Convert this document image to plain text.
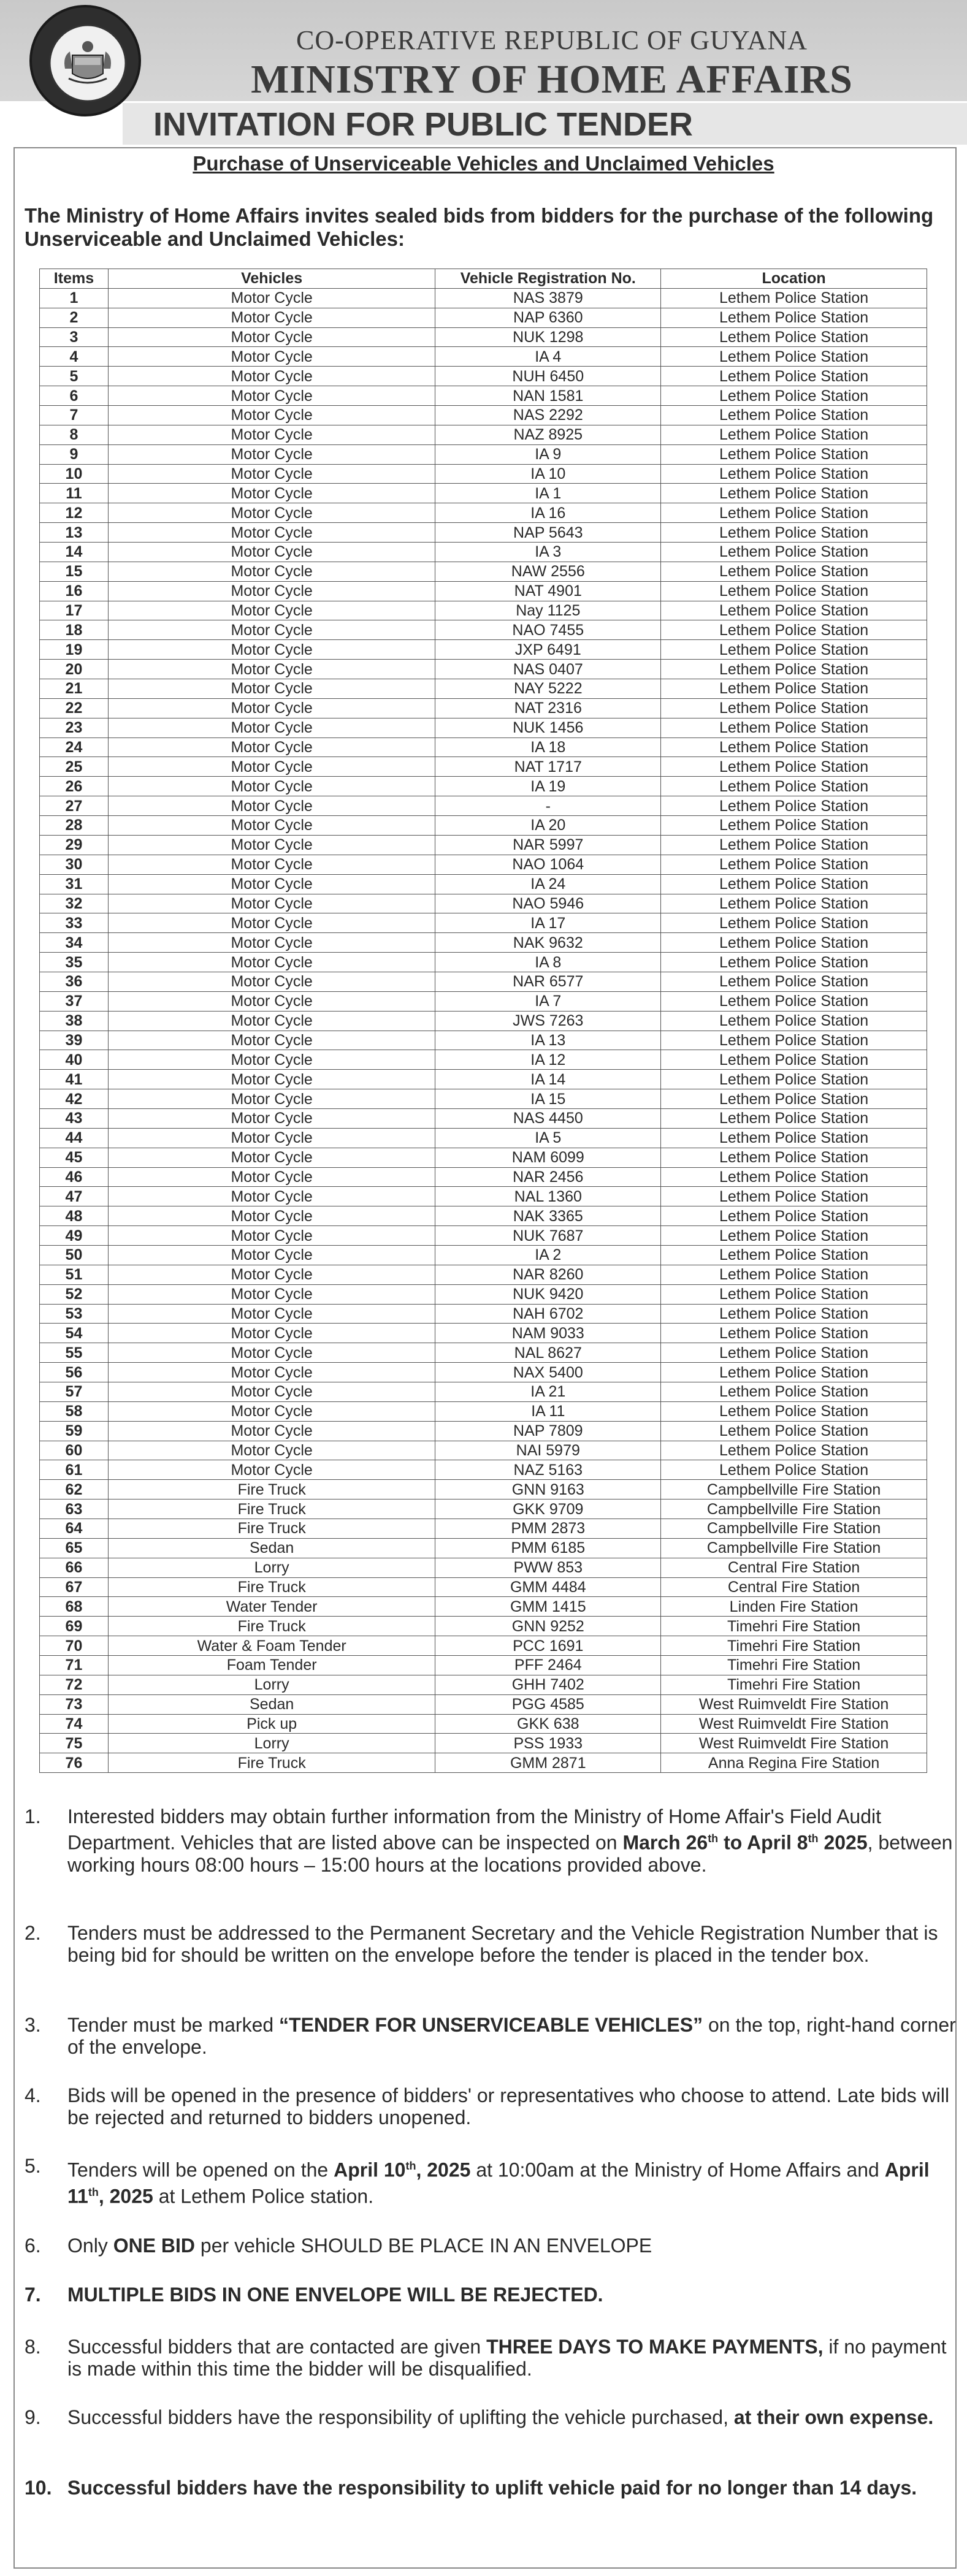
CO-OPERATIVE REPUBLIC OF GUYANA
MINISTRY OF HOME AFFAIRS
INVITATION FOR PUBLIC TENDER
Purchase of Unserviceable Vehicles and Unclaimed Vehicles
The Ministry of Home Affairs invites sealed bids from bidders for the purchase of the following Unserviceable and Unclaimed Vehicles:
Items	Vehicles	Vehicle Registration No.	Location
1	Motor Cycle	NAS 3879	Lethem Police Station
2	Motor Cycle	NAP 6360	Lethem Police Station
3	Motor Cycle	NUK 1298	Lethem Police Station
4	Motor Cycle	IA 4	Lethem Police Station
5	Motor Cycle	NUH 6450	Lethem Police Station
6	Motor Cycle	NAN 1581	Lethem Police Station
7	Motor Cycle	NAS 2292	Lethem Police Station
8	Motor Cycle	NAZ 8925	Lethem Police Station
9	Motor Cycle	IA 9	Lethem Police Station
10	Motor Cycle	IA 10	Lethem Police Station
11	Motor Cycle	IA 1	Lethem Police Station
12	Motor Cycle	IA 16	Lethem Police Station
13	Motor Cycle	NAP 5643	Lethem Police Station
14	Motor Cycle	IA 3	Lethem Police Station
15	Motor Cycle	NAW 2556	Lethem Police Station
16	Motor Cycle	NAT 4901	Lethem Police Station
17	Motor Cycle	Nay 1125	Lethem Police Station
18	Motor Cycle	NAO 7455	Lethem Police Station
19	Motor Cycle	JXP 6491	Lethem Police Station
20	Motor Cycle	NAS 0407	Lethem Police Station
21	Motor Cycle	NAY 5222	Lethem Police Station
22	Motor Cycle	NAT 2316	Lethem Police Station
23	Motor Cycle	NUK 1456	Lethem Police Station
24	Motor Cycle	IA 18	Lethem Police Station
25	Motor Cycle	NAT 1717	Lethem Police Station
26	Motor Cycle	IA 19	Lethem Police Station
27	Motor Cycle	-	Lethem Police Station
28	Motor Cycle	IA 20	Lethem Police Station
29	Motor Cycle	NAR 5997	Lethem Police Station
30	Motor Cycle	NAO 1064	Lethem Police Station
31	Motor Cycle	IA 24	Lethem Police Station
32	Motor Cycle	NAO 5946	Lethem Police Station
33	Motor Cycle	IA 17	Lethem Police Station
34	Motor Cycle	NAK 9632	Lethem Police Station
35	Motor Cycle	IA 8	Lethem Police Station
36	Motor Cycle	NAR 6577	Lethem Police Station
37	Motor Cycle	IA 7	Lethem Police Station
38	Motor Cycle	JWS 7263	Lethem Police Station
39	Motor Cycle	IA 13	Lethem Police Station
40	Motor Cycle	IA 12	Lethem Police Station
41	Motor Cycle	IA 14	Lethem Police Station
42	Motor Cycle	IA 15	Lethem Police Station
43	Motor Cycle	NAS 4450	Lethem Police Station
44	Motor Cycle	IA 5	Lethem Police Station
45	Motor Cycle	NAM 6099	Lethem Police Station
46	Motor Cycle	NAR 2456	Lethem Police Station
47	Motor Cycle	NAL 1360	Lethem Police Station
48	Motor Cycle	NAK 3365	Lethem Police Station
49	Motor Cycle	NUK 7687	Lethem Police Station
50	Motor Cycle	IA 2	Lethem Police Station
51	Motor Cycle	NAR 8260	Lethem Police Station
52	Motor Cycle	NUK 9420	Lethem Police Station
53	Motor Cycle	NAH 6702	Lethem Police Station
54	Motor Cycle	NAM 9033	Lethem Police Station
55	Motor Cycle	NAL 8627	Lethem Police Station
56	Motor Cycle	NAX 5400	Lethem Police Station
57	Motor Cycle	IA 21	Lethem Police Station
58	Motor Cycle	IA 11	Lethem Police Station
59	Motor Cycle	NAP 7809	Lethem Police Station
60	Motor Cycle	NAI 5979	Lethem Police Station
61	Motor Cycle	NAZ 5163	Lethem Police Station
62	Fire Truck	GNN 9163	Campbellville Fire Station
63	Fire Truck	GKK 9709	Campbellville Fire Station
64	Fire Truck	PMM 2873	Campbellville Fire Station
65	Sedan	PMM 6185	Campbellville Fire Station
66	Lorry	PWW 853	Central Fire Station
67	Fire Truck	GMM 4484	Central Fire Station
68	Water Tender	GMM 1415	Linden Fire Station
69	Fire Truck	GNN 9252	Timehri Fire Station
70	Water & Foam Tender	PCC 1691	Timehri Fire Station
71	Foam Tender	PFF 2464	Timehri Fire Station
72	Lorry	GHH 7402	Timehri Fire Station
73	Sedan	PGG 4585	West Ruimveldt Fire Station
74	Pick up	GKK 638	West Ruimveldt Fire Station
75	Lorry	PSS 1933	West Ruimveldt Fire Station
76	Fire Truck	GMM 2871	Anna Regina Fire Station
1.	Interested bidders may obtain further information from the Ministry of Home Affair's Field Audit Department. Vehicles that are listed above can be inspected on March 26th to April 8th 2025, between working hours 08:00 hours – 15:00 hours at the locations provided above.
2.	Tenders must be addressed to the Permanent Secretary and the Vehicle Registration Number that is being bid for should be written on the envelope before the tender is placed in the tender box.
3.	Tender must be marked “TENDER FOR UNSERVICEABLE VEHICLES” on the top, right-hand corner of the envelope.
4.	Bids will be opened in the presence of bidders' or representatives who choose to attend. Late bids will be rejected and returned to bidders unopened.
5.	Tenders will be opened on the April 10th, 2025 at 10:00am at the Ministry of Home Affairs and April 11th, 2025 at Lethem Police station.
6.	Only ONE BID per vehicle SHOULD BE PLACE IN AN ENVELOPE
7.	MULTIPLE BIDS IN ONE ENVELOPE WILL BE REJECTED.
8.	Successful bidders that are contacted are given THREE DAYS TO MAKE PAYMENTS, if no payment is made within this time the bidder will be disqualified.
9.	Successful bidders have the responsibility of uplifting the vehicle purchased, at their own expense.
10. Successful bidders have the responsibility to uplift vehicle paid for no longer than 14 days.
